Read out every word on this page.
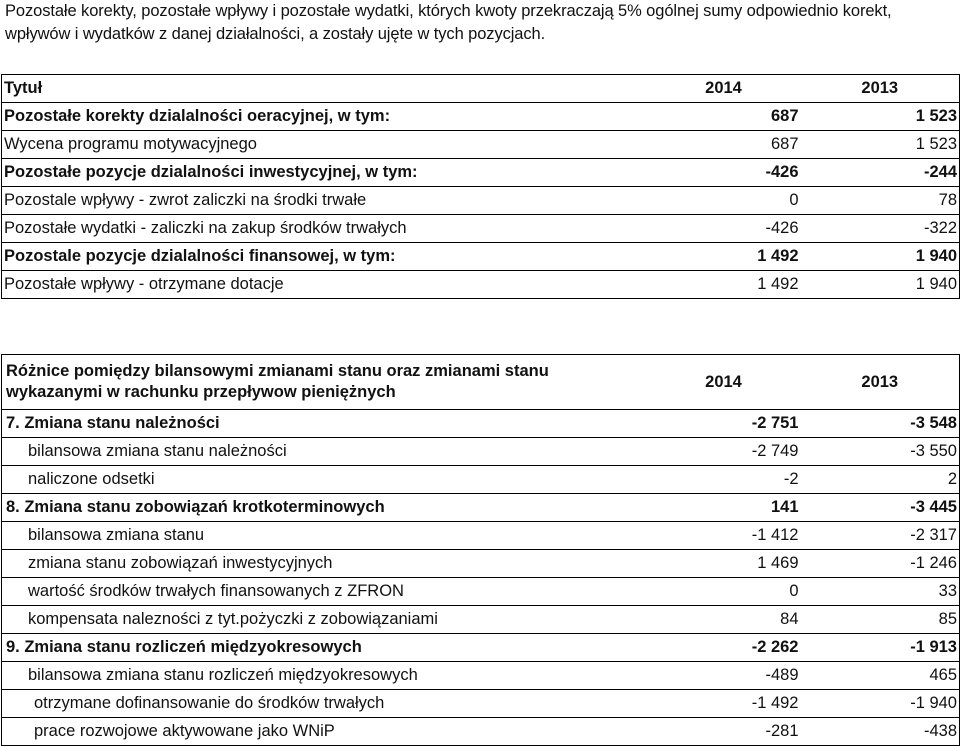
Pozostałe korekty, pozostałe wpływy i pozostałe wydatki, których kwoty przekraczają 5% ogólnej sumy odpowiednio korekt, wpływów i wydatków z danej działalności, a zostały ujęte w tych pozycjach.
Tytuł	2014	2013
Pozostałe korekty dzialalności oeracyjnej, w tym:	687	1 523
Wycena programu motywacyjnego	687	1 523
Pozostałe pozycje dzialalności inwestycyjnej, w tym:	-426	-244
Pozostale wpływy - zwrot zaliczki na środki trwałe	0	78
Pozostałe wydatki - zaliczki na zakup środków trwałych	-426	-322
Pozostale pozycje dzialalności finansowej, w tym:	1 492	1 940
Pozostałe wpływy - otrzymane dotacje	1 492	1 940
Różnice pomiędzy bilansowymi zmianami stanu oraz zmianami stanu wykazanymi w rachunku przepływow pieniężnych	2014	2013
7. Zmiana stanu należności	-2 751	-3 548
bilansowa zmiana stanu należności	-2 749	-3 550
naliczone odsetki	-2	2
8. Zmiana stanu zobowiązań krotkoterminowych	141	-3 445
bilansowa zmiana stanu	-1 412	-2 317
zmiana stanu zobowiązań inwestycyjnych	1 469	-1 246
wartość środków trwałych finansowanych z ZFRON	0	33
kompensata nalezności z tyt.pożyczki z zobowiązaniami	84	85
9. Zmiana stanu rozliczeń międzyokresowych	-2 262	-1 913
bilansowa zmiana stanu rozliczeń międzyokresowych	-489	465
otrzymane dofinansowanie do środków trwałych	-1 492	-1 940
prace rozwojowe aktywowane jako WNiP	-281	-438
